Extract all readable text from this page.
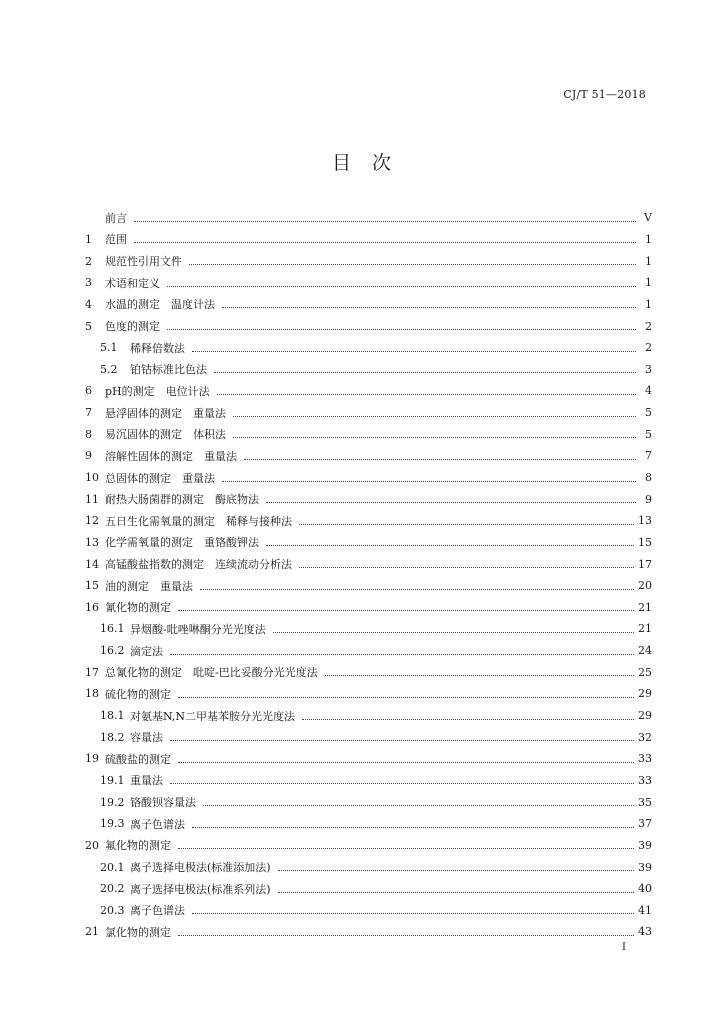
CJ/T 51—2018
目　次
前言	V
1	范围	1
2	规范性引用文件	1
3	术语和定义	1
4	水温的测定　温度计法	1
5	色度的测定	2
5.1	稀释倍数法	2
5.2	铂钴标准比色法	3
6	pH的测定　电位计法	4
7	悬浮固体的测定　重量法	5
8	易沉固体的测定　体积法	5
9	溶解性固体的测定　重量法	7
10 总固体的测定　重量法	8
11 耐热大肠菌群的测定　酶底物法	9
12 五日生化需氧量的测定　稀释与接种法	13
13 化学需氧量的测定　重铬酸钾法	15
14 高锰酸盐指数的测定　连续流动分析法	17
15 油的测定　重量法	20
16 氰化物的测定	21
16.1 异烟酸-吡唑啉酮分光光度法	21
16.2 滴定法	24
17 总氰化物的测定　吡啶-巴比妥酸分光光度法	25
18 硫化物的测定	29
18.1 对氨基N,N二甲基苯胺分光光度法	29
18.2 容量法	32
19 硫酸盐的测定	33
19.1 重量法	33
19.2 铬酸钡容量法	35
19.3 离子色谱法	37
20 氟化物的测定	39
20.1 离子选择电极法(标准添加法)	39
20.2 离子选择电极法(标准系列法)	40
20.3 离子色谱法	41
21 氯化物的测定	43
I
